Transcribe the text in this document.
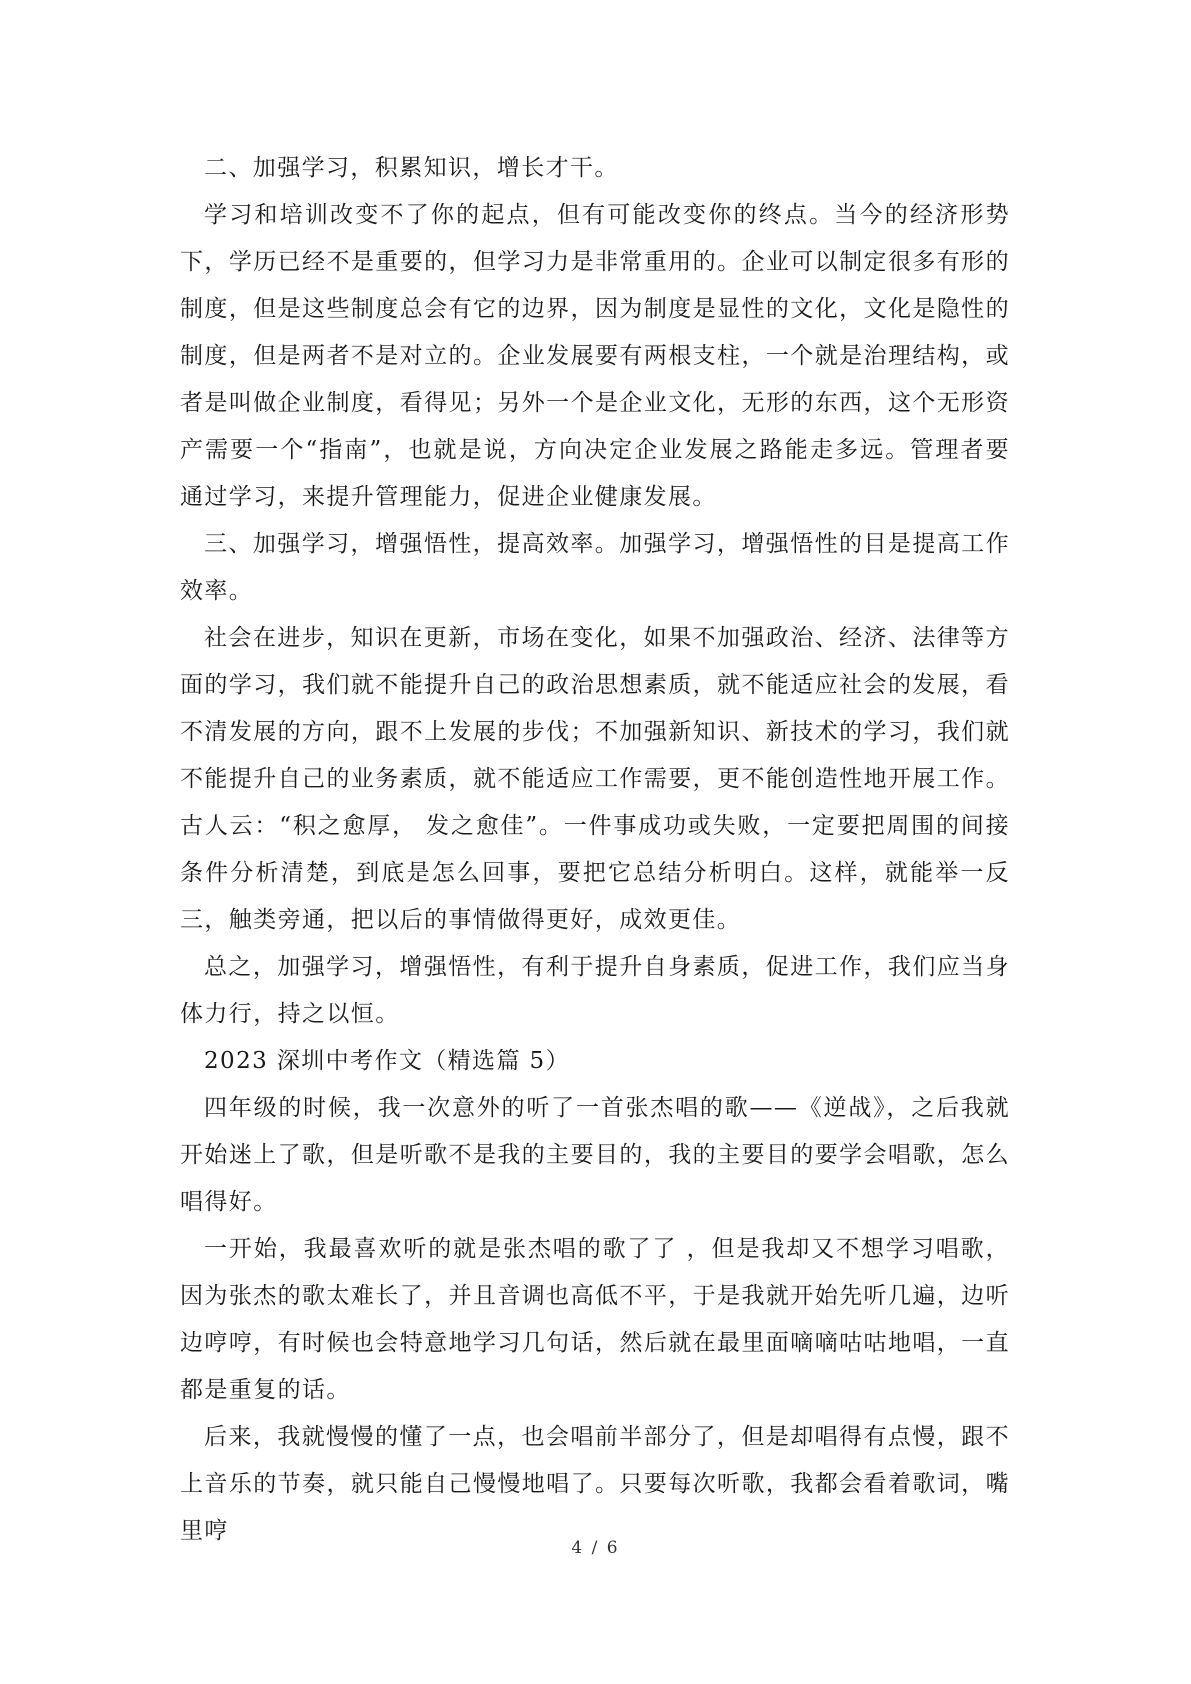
二、加强学习，积累知识，增长才干。

学习和培训改变不了你的起点，但有可能改变你的终点。当今的经济形势下，学历已经不是重要的，但学习力是非常重用的。企业可以制定很多有形的制度，但是这些制度总会有它的边界，因为制度是显性的文化，文化是隐性的制度，但是两者不是对立的。企业发展要有两根支柱，一个就是治理结构，或者是叫做企业制度，看得见；另外一个是企业文化，无形的东西，这个无形资产需要一个“指南”，也就是说，方向决定企业发展之路能走多远。管理者要通过学习，来提升管理能力，促进企业健康发展。

三、加强学习，增强悟性，提高效率。加强学习，增强悟性的目是提高工作效率。

社会在进步，知识在更新，市场在变化，如果不加强政治、经济、法律等方面的学习，我们就不能提升自己的政治思想素质，就不能适应社会的发展，看不清发展的方向，跟不上发展的步伐；不加强新知识、新技术的学习，我们就不能提升自己的业务素质，就不能适应工作需要，更不能创造性地开展工作。古人云：“积之愈厚， 发之愈佳”。一件事成功或失败，一定要把周围的间接条件分析清楚，到底是怎么回事，要把它总结分析明白。这样，就能举一反三，触类旁通，把以后的事情做得更好，成效更佳。

总之，加强学习，增强悟性，有利于提升自身素质，促进工作，我们应当身体力行，持之以恒。

2023 深圳中考作文（精选篇 5）

四年级的时候，我一次意外的听了一首张杰唱的歌——《逆战》，之后我就开始迷上了歌，但是听歌不是我的主要目的，我的主要目的要学会唱歌，怎么唱得好。

一开始，我最喜欢听的就是张杰唱的歌了了 ，但是我却又不想学习唱歌，因为张杰的歌太难长了，并且音调也高低不平，于是我就开始先听几遍，边听边哼哼，有时候也会特意地学习几句话，然后就在最里面嘀嘀咕咕地唱，一直都是重复的话。

后来，我就慢慢的懂了一点，也会唱前半部分了，但是却唱得有点慢，跟不上音乐的节奏，就只能自己慢慢地唱了。只要每次听歌，我都会看着歌词，嘴里哼

4 / 6
